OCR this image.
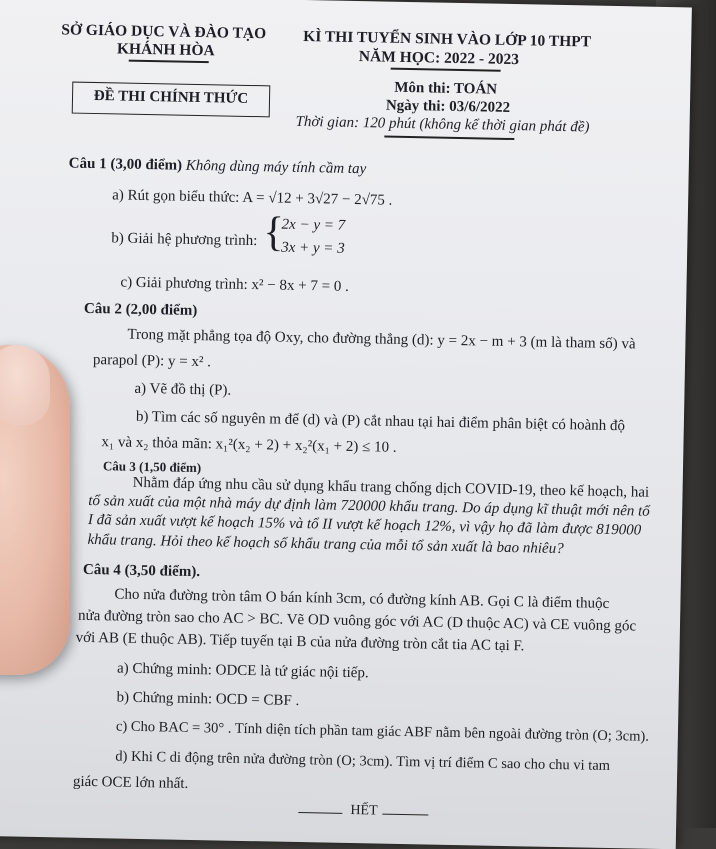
SỞ GIÁO DỤC VÀ ĐÀO TẠO
KHÁNH HÒA	KÌ THI TUYỂN SINH VÀO LỚP 10 THPT
NĂM HỌC: 2022 - 2023
ĐỀ THI CHÍNH THỨC	Môn thi: TOÁN
Ngày thi: 03/6/2022
Thời gian: 120 phút (không kể thời gian phát đề)
Câu 1 (3,00 điểm) Không dùng máy tính cầm tay
a) Rút gọn biểu thức: A = √12 + 3√27 − 2√75 .
b) Giải hệ phương trình: {
2x − y = 7
3x + y = 3
c) Giải phương trình: x² − 8x + 7 = 0 .
Câu 2 (2,00 điểm)
Trong mặt phẳng tọa độ Oxy, cho đường thẳng (d): y = 2x − m + 3 (m là tham số) và
parapol (P): y = x² .
a) Vẽ đồ thị (P).
b) Tìm các số nguyên m để (d) và (P) cắt nhau tại hai điểm phân biệt có hoành độ
x₁ và x₂ thỏa mãn: x₁²(x₂ + 2) + x₂²(x₁ + 2) ≤ 10 .
Câu 3 (1,50 điểm)
Nhằm đáp ứng nhu cầu sử dụng khẩu trang chống dịch COVID-19, theo kế hoạch, hai
tổ sản xuất của một nhà máy dự định làm 720000 khẩu trang. Do áp dụng kĩ thuật mới nên tổ
I đã sản xuất vượt kế hoạch 15% và tổ II vượt kế hoạch 12%, vì vậy họ đã làm được 819000
khẩu trang. Hỏi theo kế hoạch số khẩu trang của mỗi tổ sản xuất là bao nhiêu?
Câu 4 (3,50 điểm).
Cho nửa đường tròn tâm O bán kính 3cm, có đường kính AB. Gọi C là điểm thuộc
nửa đường tròn sao cho AC > BC. Vẽ OD vuông góc với AC (D thuộc AC) và CE vuông góc
với AB (E thuộc AB). Tiếp tuyến tại B của nửa đường tròn cắt tia AC tại F.
a) Chứng minh: ODCE là tứ giác nội tiếp.
b) Chứng minh: OCD = CBF .
c) Cho BAC = 30° . Tính diện tích phần tam giác ABF nằm bên ngoài đường tròn (O; 3cm).
d) Khi C di động trên nửa đường tròn (O; 3cm). Tìm vị trí điểm C sao cho chu vi tam
giác OCE lớn nhất.
HẾT
